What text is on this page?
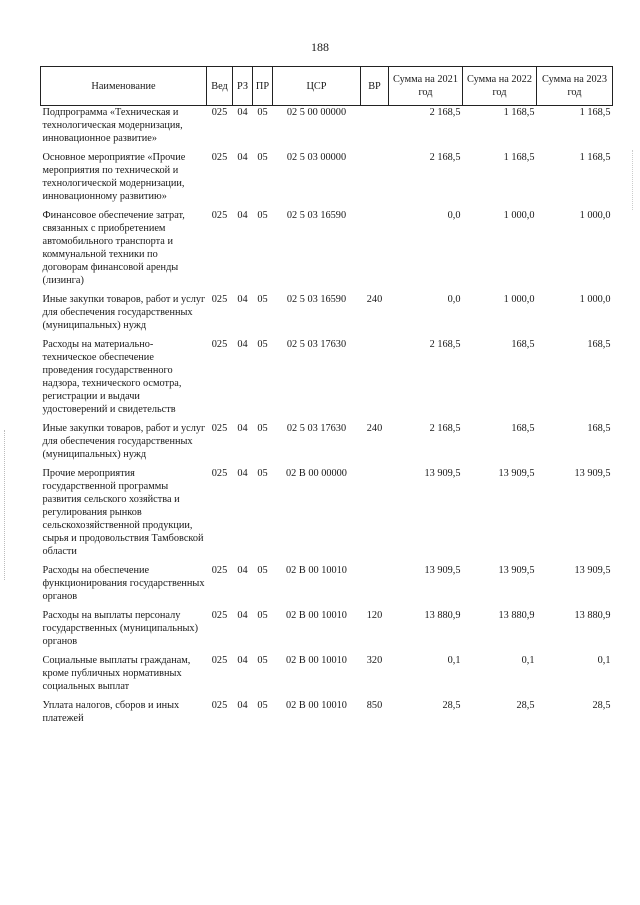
188
Наименование	Вед	РЗ	ПР	ЦСР	ВР	Сумма на 2021 год	Сумма на 2022 год	Сумма на 2023 год
Подпрограмма «Техническая и технологическая модернизация, инновационное развитие»	025	04	05	02 5 00 00000		2 168,5	1 168,5	1 168,5
Основное мероприятие «Прочие мероприятия по технической и технологической модернизации, инновационному развитию»	025	04	05	02 5 03 00000		2 168,5	1 168,5	1 168,5
Финансовое обеспечение затрат, связанных с приобретением автомобильного транспорта и коммунальной техники по договорам финансовой аренды (лизинга)	025	04	05	02 5 03 16590		0,0	1 000,0	1 000,0
Иные закупки товаров, работ и услуг для обеспечения государственных (муниципальных) нужд	025	04	05	02 5 03 16590	240	0,0	1 000,0	1 000,0
Расходы на материально-техническое обеспечение проведения государственного надзора, технического осмотра, регистрации и выдачи удостоверений и свидетельств	025	04	05	02 5 03 17630		2 168,5	168,5	168,5
Иные закупки товаров, работ и услуг для обеспечения государственных (муниципальных) нужд	025	04	05	02 5 03 17630	240	2 168,5	168,5	168,5
Прочие мероприятия государственной программы развития сельского хозяйства и регулирования рынков сельскохозяйственной продукции, сырья и продовольствия Тамбовской области	025	04	05	02 В 00 00000		13 909,5	13 909,5	13 909,5
Расходы на обеспечение функционирования государственных органов	025	04	05	02 В 00 10010		13 909,5	13 909,5	13 909,5
Расходы на выплаты персоналу государственных (муниципальных) органов	025	04	05	02 В 00 10010	120	13 880,9	13 880,9	13 880,9
Социальные выплаты гражданам, кроме публичных нормативных социальных выплат	025	04	05	02 В 00 10010	320	0,1	0,1	0,1
Уплата налогов, сборов и иных платежей	025	04	05	02 В 00 10010	850	28,5	28,5	28,5
